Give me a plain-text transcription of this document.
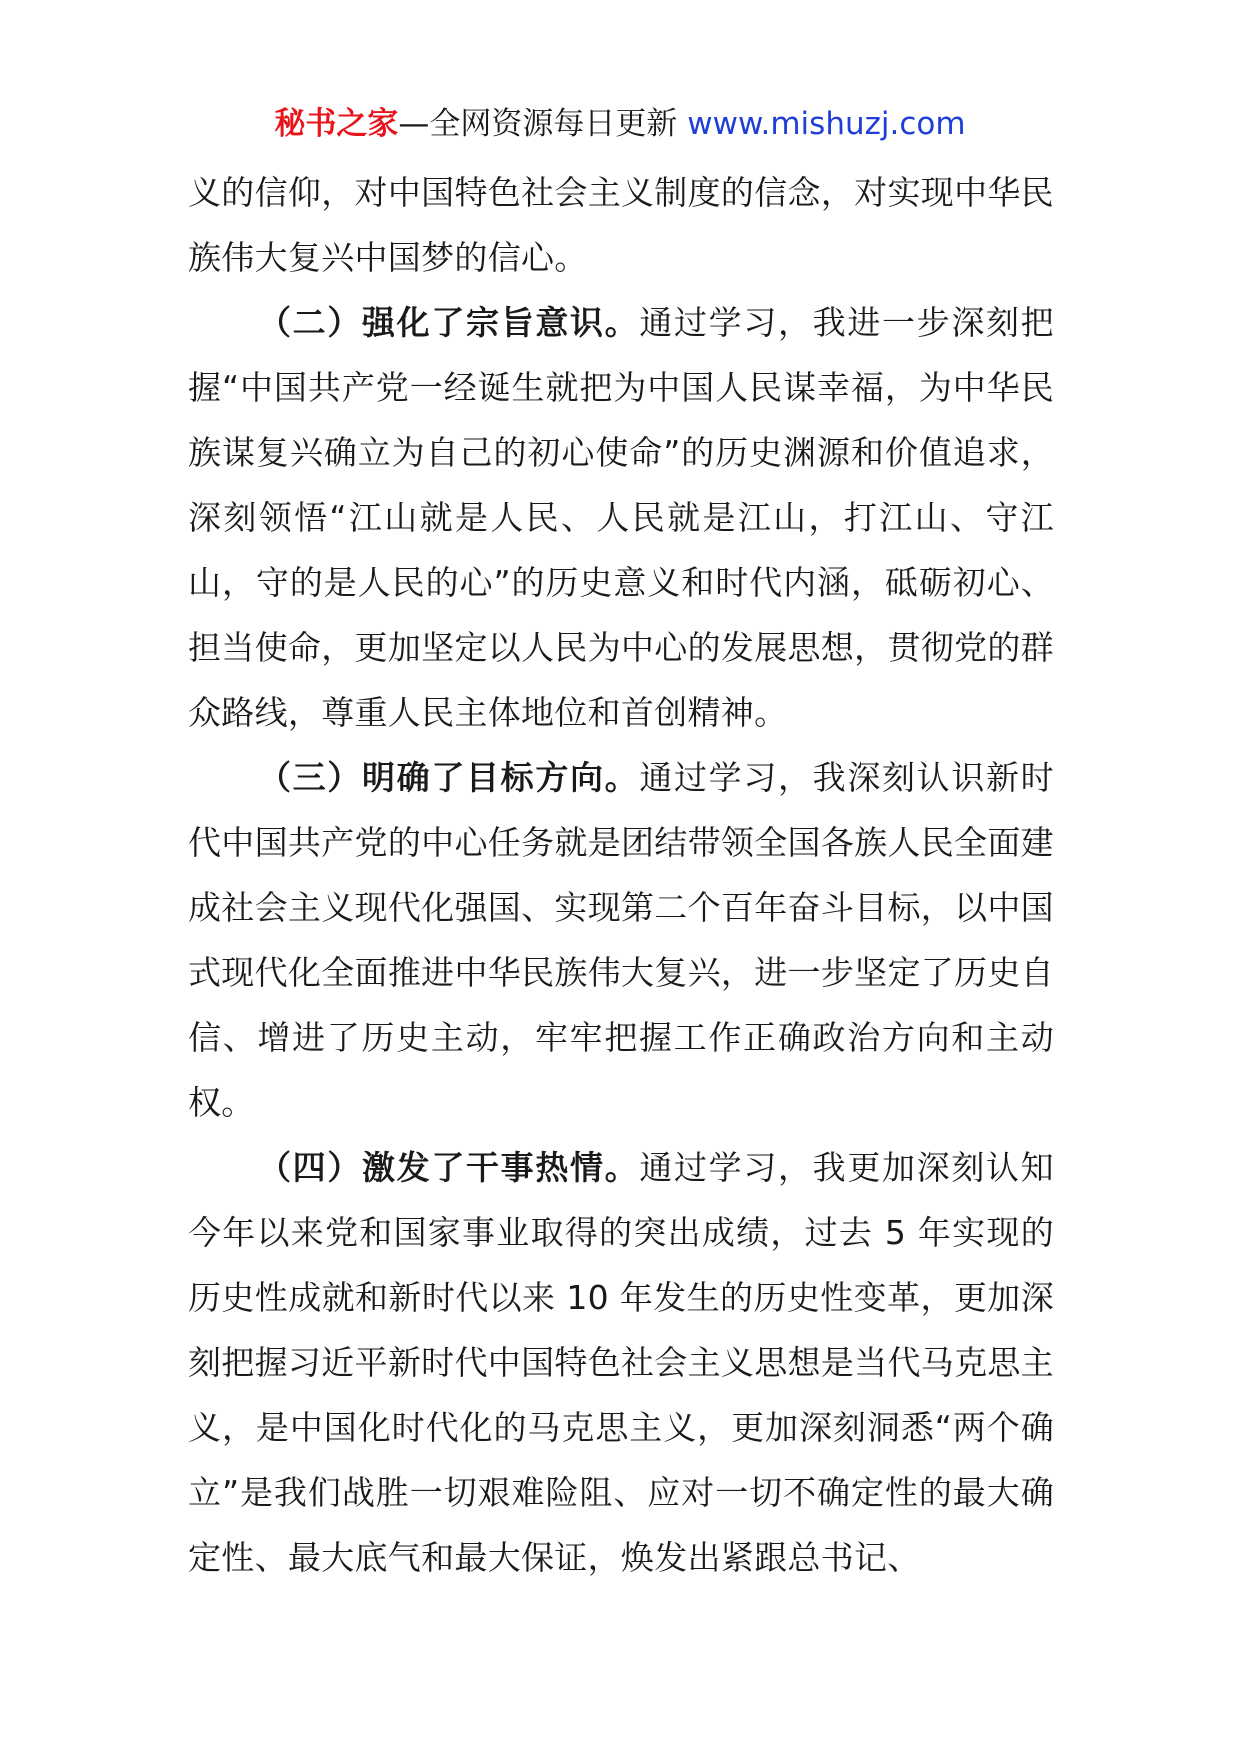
秘书之家—全网资源每日更新 www.mishuzj.com

义的信仰，对中国特色社会主义制度的信念，对实现中华民族伟大复兴中国梦的信心。

（二）强化了宗旨意识。通过学习，我进一步深刻把握“中国共产党一经诞生就把为中国人民谋幸福，为中华民族谋复兴确立为自己的初心使命”的历史渊源和价值追求，深刻领悟“江山就是人民、人民就是江山，打江山、守江山，守的是人民的心”的历史意义和时代内涵，砥砺初心、担当使命，更加坚定以人民为中心的发展思想，贯彻党的群众路线，尊重人民主体地位和首创精神。

（三）明确了目标方向。通过学习，我深刻认识新时代中国共产党的中心任务就是团结带领全国各族人民全面建成社会主义现代化强国、实现第二个百年奋斗目标，以中国式现代化全面推进中华民族伟大复兴，进一步坚定了历史自信、增进了历史主动，牢牢把握工作正确政治方向和主动权。

（四）激发了干事热情。通过学习，我更加深刻认知今年以来党和国家事业取得的突出成绩，过去 5 年实现的历史性成就和新时代以来 10 年发生的历史性变革，更加深刻把握习近平新时代中国特色社会主义思想是当代马克思主义，是中国化时代化的马克思主义，更加深刻洞悉“两个确立”是我们战胜一切艰难险阻、应对一切不确定性的最大确定性、最大底气和最大保证，焕发出紧跟总书记、
